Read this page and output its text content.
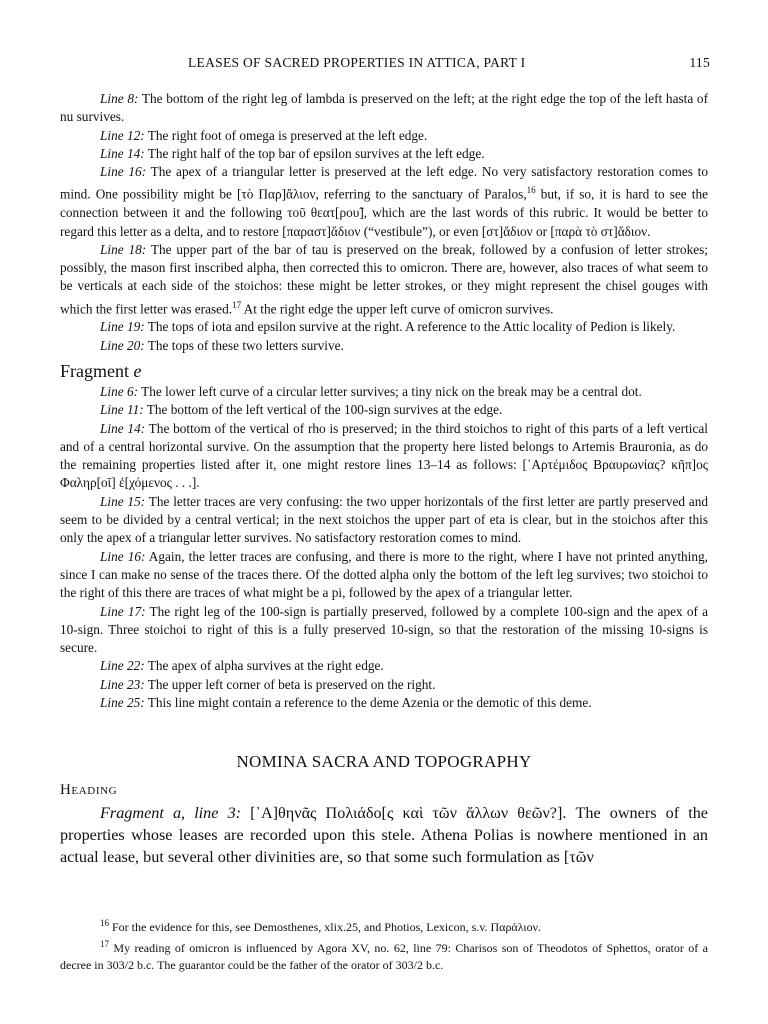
LEASES OF SACRED PROPERTIES IN ATTICA, PART I	115

Line 8: The bottom of the right leg of lambda is preserved on the left; at the right edge the top of the left hasta of nu survives.

Line 12: The right foot of omega is preserved at the left edge.

Line 14: The right half of the top bar of epsilon survives at the left edge.

Line 16: The apex of a triangular letter is preserved at the left edge. No very satisfactory restoration comes to mind. One possibility might be [τὸ Παρ]ἄλιον, referring to the sanctuary of Paralos,$^{16}$ but, if so, it is hard to see the connection between it and the following τοῦ θεατ[ρου̃], which are the last words of this rubric. It would be better to regard this letter as a delta, and to restore [παραστ]ἄδιον (“vestibule”), or even [στ]ἄδιον or [παρὰ τὸ στ]ἄδιον.

Line 18: The upper part of the bar of tau is preserved on the break, followed by a confusion of letter strokes; possibly, the mason first inscribed alpha, then corrected this to omicron. There are, however, also traces of what seem to be verticals at each side of the stoichos: these might be letter strokes, or they might represent the chisel gouges with which the first letter was erased.$^{17}$ At the right edge the upper left curve of omicron survives.

Line 19: The tops of iota and epsilon survive at the right. A reference to the Attic locality of Pedion is likely.

Line 20: The tops of these two letters survive.

Fragment e

Line 6: The lower left curve of a circular letter survives; a tiny nick on the break may be a central dot.

Line 11: The bottom of the left vertical of the 100-sign survives at the edge.

Line 14: The bottom of the vertical of rho is preserved; in the third stoichos to right of this parts of a left vertical and of a central horizontal survive. On the assumption that the property here listed belongs to Artemis Brauronia, as do the remaining properties listed after it, one might restore lines 13–14 as follows: [᾿Αρτέμιδος Βραυρωνίας? κῆπ]ος Φαληρ[οῖ] ἐ[χόμενος . . .].

Line 15: The letter traces are very confusing: the two upper horizontals of the first letter are partly preserved and seem to be divided by a central vertical; in the next stoichos the upper part of eta is clear, but in the stoichos after this only the apex of a triangular letter survives. No satisfactory restoration comes to mind.

Line 16: Again, the letter traces are confusing, and there is more to the right, where I have not printed anything, since I can make no sense of the traces there. Of the dotted alpha only the bottom of the left leg survives; two stoichoi to the right of this there are traces of what might be a pi, followed by the apex of a triangular letter.

Line 17: The right leg of the 100-sign is partially preserved, followed by a complete 100-sign and the apex of a 10-sign. Three stoichoi to right of this is a fully preserved 10-sign, so that the restoration of the missing 10-signs is secure.

Line 22: The apex of alpha survives at the right edge.

Line 23: The upper left corner of beta is preserved on the right.

Line 25: This line might contain a reference to the deme Azenia or the demotic of this deme.

NOMINA SACRA AND TOPOGRAPHY
Heading

Fragment a, line 3: [᾿Α]θηνᾶς Πολιάδο[ς καὶ τῶν ἄλλων θεῶν?]. The owners of the properties whose leases are recorded upon this stele. Athena Polias is nowhere mentioned in an actual lease, but several other divinities are, so that some such formulation as [τῶν

$^{16}$ For the evidence for this, see Demosthenes, xlix.25, and Photios, Lexicon, s.v. Παράλιον.

$^{17}$ My reading of omicron is influenced by Agora XV, no. 62, line 79: Charisos son of Theodotos of Sphettos, orator of a decree in 303/2 b.c. The guarantor could be the father of the orator of 303/2 b.c.
